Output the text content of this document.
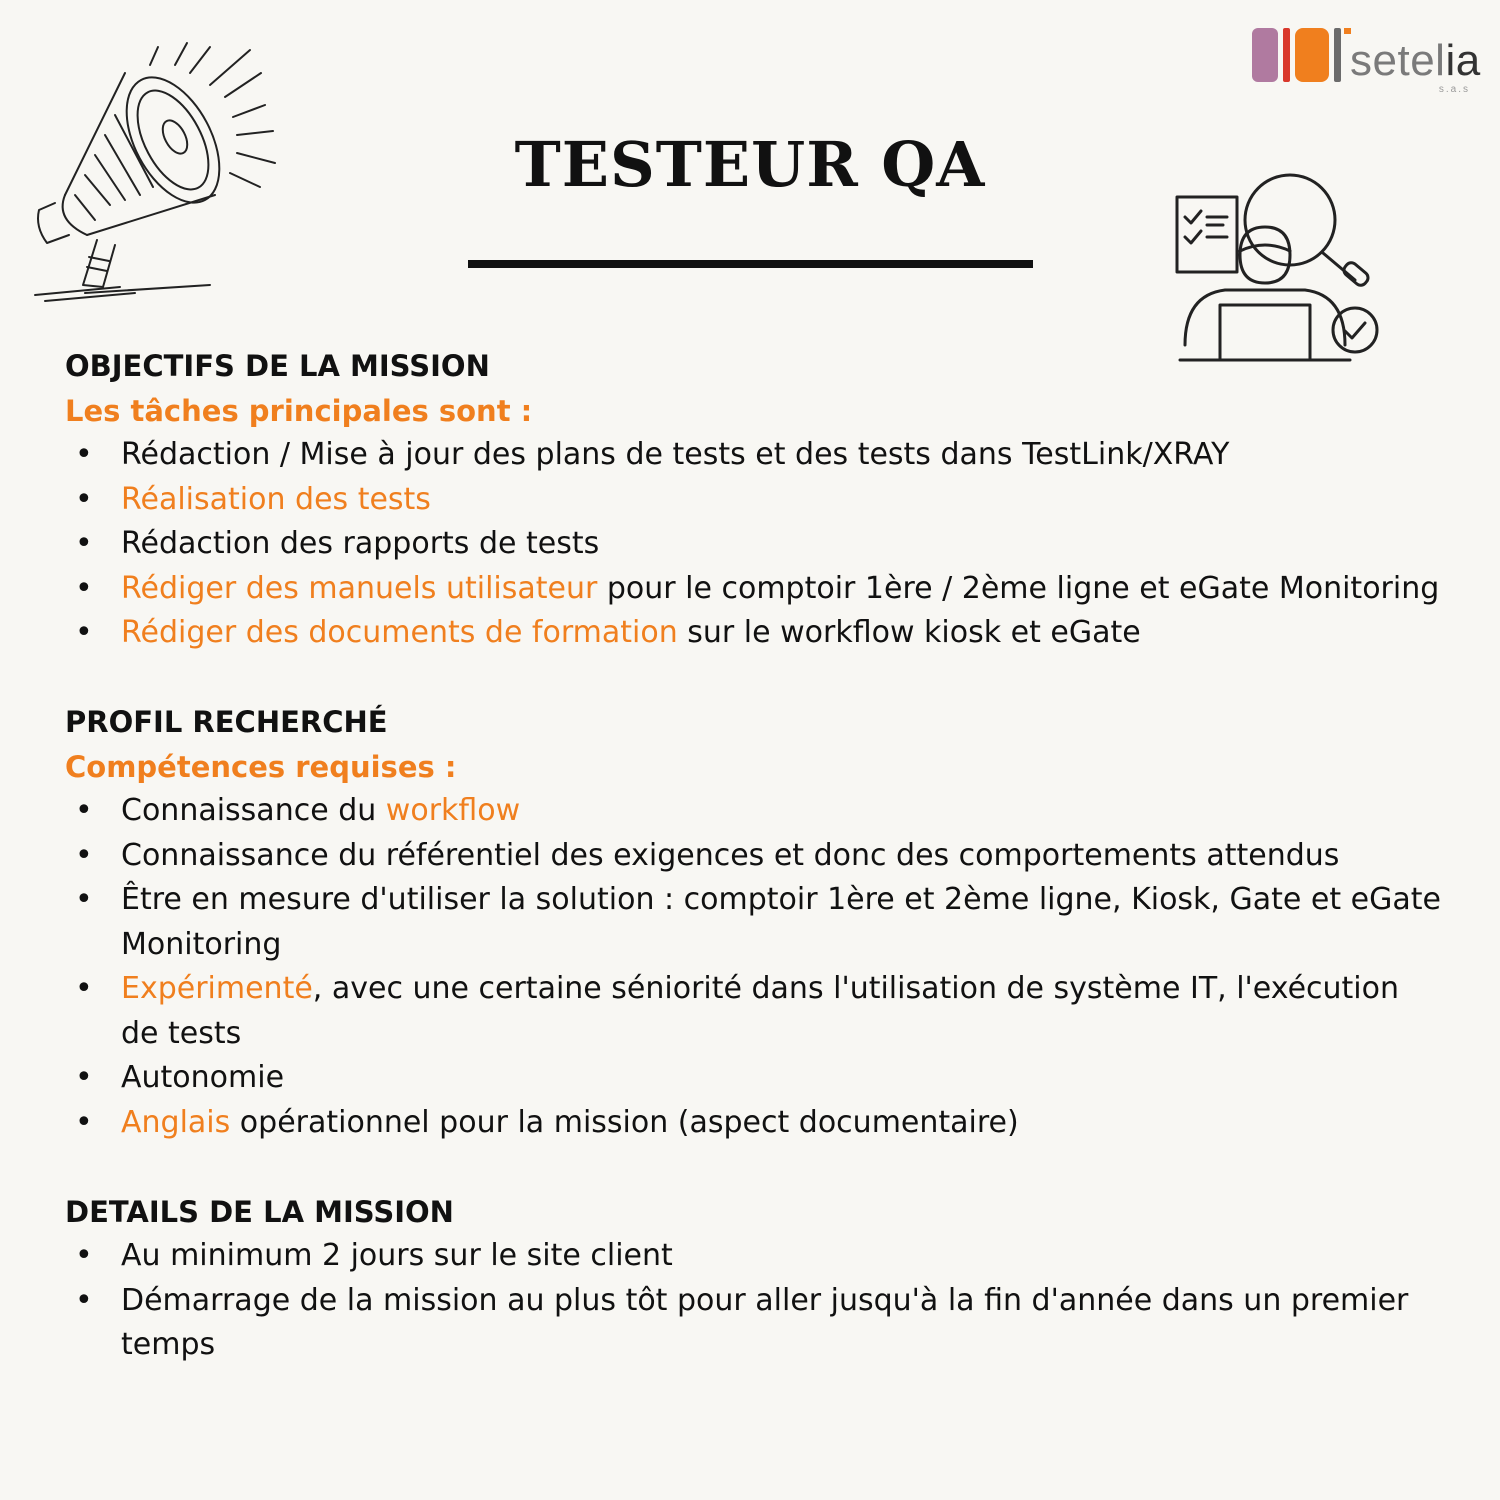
setelia
s.a.s
TESTEUR QA
OBJECTIFS DE LA MISSION

Les tâches principales sont :

• Rédaction / Mise à jour des plans de tests et des tests dans TestLink/XRAY
• Réalisation des tests
• Rédaction des rapports de tests
• Rédiger des manuels utilisateur pour le comptoir 1ère / 2ème ligne et eGate Monitoring
• Rédiger des documents de formation sur le workflow kiosk et eGate
PROFIL RECHERCHÉ

Compétences requises :

• Connaissance du workflow
• Connaissance du référentiel des exigences et donc des comportements attendus
• Être en mesure d'utiliser la solution : comptoir 1ère et 2ème ligne, Kiosk, Gate et eGate Monitoring
• Expérimenté, avec une certaine séniorité dans l'utilisation de système IT, l'exécution de tests
• Autonomie
• Anglais opérationnel pour la mission (aspect documentaire)
DETAILS DE LA MISSION
• Au minimum 2 jours sur le site client
• Démarrage de la mission au plus tôt pour aller jusqu'à la fin d'année dans un premier temps
